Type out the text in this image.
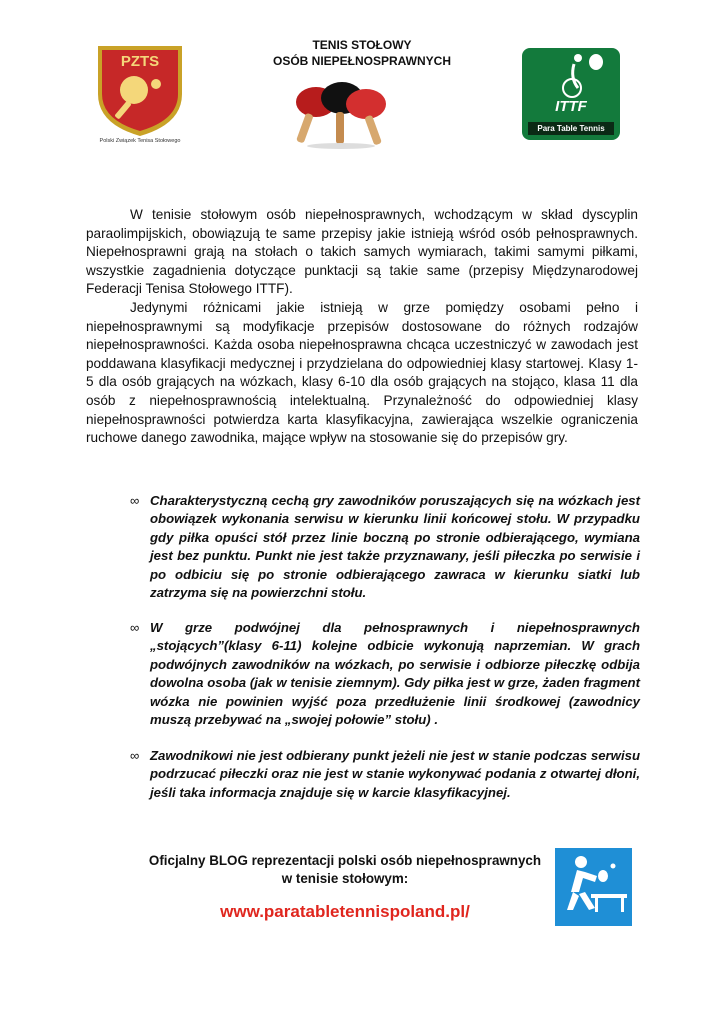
TENIS STOŁOWY
OSÓB NIEPEŁNOSPRAWNYCH
PZTS
Polski Związek Tenisa Stołowego
ITTF
Para Table Tennis

W tenisie stołowym osób niepełnosprawnych, wchodzącym w skład dyscyplin paraolimpijskich, obowiązują te same przepisy jakie istnieją wśród osób pełnosprawnych. Niepełnosprawni grają na stołach o takich samych wymiarach, takimi samymi piłkami, wszystkie zagadnienia dotyczące punktacji są takie same (przepisy Międzynarodowej Federacji Tenisa Stołowego ITTF).

Jedynymi różnicami jakie istnieją w grze pomiędzy osobami pełno i niepełnosprawnymi są modyfikacje przepisów dostosowane do różnych rodzajów niepełnosprawności. Każda osoba niepełnosprawna chcąca uczestniczyć w zawodach jest poddawana klasyfikacji medycznej i przydzielana do odpowiedniej klasy startowej. Klasy 1-5 dla osób grających na wózkach, klasy 6-10 dla osób grających na stojąco, klasa 11 dla osób z niepełnosprawnością intelektualną. Przynależność do odpowiedniej klasy niepełnosprawności potwierdza karta klasyfikacyjna, zawierająca wszelkie ograniczenia ruchowe danego zawodnika, mające wpływ na stosowanie się do przepisów gry.

∞ Charakterystyczną cechą gry zawodników poruszających się na wózkach jest obowiązek wykonania serwisu w kierunku linii końcowej stołu. W przypadku gdy piłka opuści stół przez linie boczną po stronie odbierającego, wymiana jest bez punktu. Punkt nie jest także przyznawany, jeśli piłeczka po serwisie i po odbiciu się po stronie odbierającego zawraca w kierunku siatki lub zatrzyma się na powierzchni stołu.

∞ W grze podwójnej dla pełnosprawnych i niepełnosprawnych „stojących”(klasy 6-11) kolejne odbicie wykonują naprzemian. W grach podwójnych zawodników na wózkach, po serwisie i odbiorze piłeczkę odbija dowolna osoba (jak w tenisie ziemnym). Gdy piłka jest w grze, żaden fragment wózka nie powinien wyjść poza przedłużenie linii środkowej (zawodnicy muszą przebywać na „swojej połowie” stołu) .

∞ Zawodnikowi nie jest odbierany punkt jeżeli nie jest w stanie podczas serwisu podrzucać piłeczki oraz nie jest w stanie wykonywać podania z otwartej dłoni, jeśli taka informacja znajduje się w karcie klasyfikacyjnej.

Oficjalny BLOG reprezentacji polski osób niepełnosprawnych
w tenisie stołowym:
www.paratabletennispoland.pl/
